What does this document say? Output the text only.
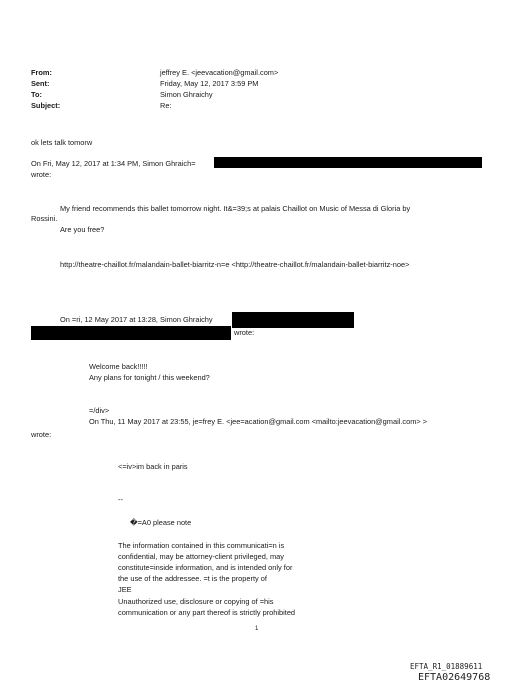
From:
Sent:
To:
Subject:
jeffrey E. <jeevacation@gmail.com>
Friday, May 12, 2017 3:59 PM
Simon Ghraichy
Re:
ok lets talk tomorw
On Fri, May 12, 2017 at 1:34 PM, Simon Ghraich=
wrote:
My friend recommends this ballet tomorrow night. It&=39;s at palais Chaillot on Music of Messa di Gloria by
Rossini.
Are you free?
http://theatre-chaillot.fr/malandain-ballet-biarritz-n=e <http://theatre-chaillot.fr/malandain-ballet-biarritz-noe>
On =ri, 12 May 2017 at 13:28, Simon Ghraichy
wrote:
Welcome back!!!!!
Any plans for tonight / this weekend?
=/div>
On Thu, 11 May 2017 at 23:55, je=frey E. <jee=acation@gmail.com <mailto:jeevacation@gmail.com> >
wrote:
<=iv>im back in paris
--
�=A0 please note
The information contained in this communicati=n is
confidential, may be attorney-client privileged, may
constitute=inside information, and is intended only for
the use of the addressee. =t is the property of
JEE
Unauthorized use, disclosure or copying of =his
communication or any part thereof is strictly prohibited
1
EFTA_R1_01889611
EFTA02649768
